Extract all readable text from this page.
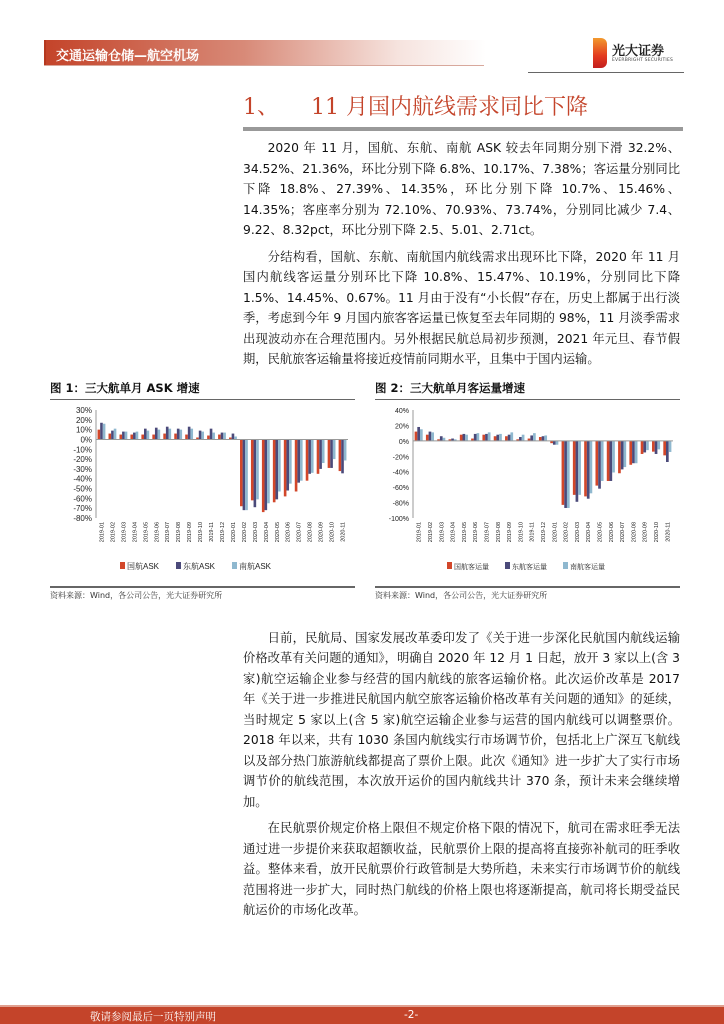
交通运输仓储—航空机场	光大证券
EVERBRIGHT SECURITIES
1、 11 月国内航线需求同比下降

2020 年 11 月，国航、东航、南航 ASK 较去年同期分别下滑 32.2%、34.52%、21.36%，环比分别下降 6.8%、10.17%、7.38%；客运量分别同比下降 18.8%、27.39%、14.35%，环比分别下降 10.7%、15.46%、14.35%；客座率分别为 72.10%、70.93%、73.74%，分别同比减少 7.4、9.22、8.32pct，环比分别下降 2.5、5.01、2.71ct。

分结构看，国航、东航、南航国内航线需求出现环比下降，2020 年 11 月国内航线客运量分别环比下降 10.8%、15.47%、10.19%，分别同比下降 1.5%、14.45%、0.67%。11 月由于没有“小长假”存在，历史上都属于出行淡季，考虑到今年 9 月国内旅客客运量已恢复至去年同期的 98%，11 月淡季需求出现波动亦在合理范围内。另外根据民航总局初步预测，2021 年元旦、春节假期，民航旅客运输量将接近疫情前同期水平，且集中于国内运输。

图 1：三大航单月 ASK 增速
30%
20%
10%
0%
-10%
-20%
-30%
-40%
-50%
-60%
-70%
-80%
2019-01 2019-02 2019-03 2019-04 2019-05 2019-06 2019-07 2019-08 2019-09 2019-10 2019-11 2019-12 2020-01 2020-02 2020-03 2020-04 2020-05 2020-06 2020-07 2020-08 2020-09 2020-10 2020-11
国航ASK	东航ASK	南航ASK
资料来源：Wind，各公司公告，光大证券研究所
图 2：三大航单月客运量增速
40%
20%
0%
-20%
-40%
-60%
-80%
-100%
2019-01 2019-02 2019-03 2019-04 2019-05 2019-06 2019-07 2019-08 2019-09 2019-10 2019-11 2019-12 2020-01 2020-02 2020-03 2020-04 2020-05 2020-06 2020-07 2020-08 2020-09 2020-10 2020-11
国航客运量	东航客运量	南航客运量
资料来源：Wind，各公司公告，光大证券研究所

日前，民航局、国家发展改革委印发了《关于进一步深化民航国内航线运输价格改革有关问题的通知》，明确自 2020 年 12 月 1 日起，放开 3 家以上(含 3 家)航空运输企业参与经营的国内航线的旅客运输价格。此次运价改革是 2017 年《关于进一步推进民航国内航空旅客运输价格改革有关问题的通知》的延续，当时规定 5 家以上(含 5 家)航空运输企业参与运营的国内航线可以调整票价。2018 年以来，共有 1030 条国内航线实行市场调节价，包括北上广深互飞航线以及部分热门旅游航线都提高了票价上限。此次《通知》进一步扩大了实行市场调节价的航线范围，本次放开运价的国内航线共计 370 条，预计未来会继续增加。

在民航票价规定价格上限但不规定价格下限的情况下，航司在需求旺季无法通过进一步提价来获取超额收益，民航票价上限的提高将直接弥补航司的旺季收益。整体来看，放开民航票价行政管制是大势所趋，未来实行市场调节价的航线范围将进一步扩大，同时热门航线的价格上限也将逐渐提高，航司将长期受益民航运价的市场化改革。

敬请参阅最后一页特别声明	-2-
